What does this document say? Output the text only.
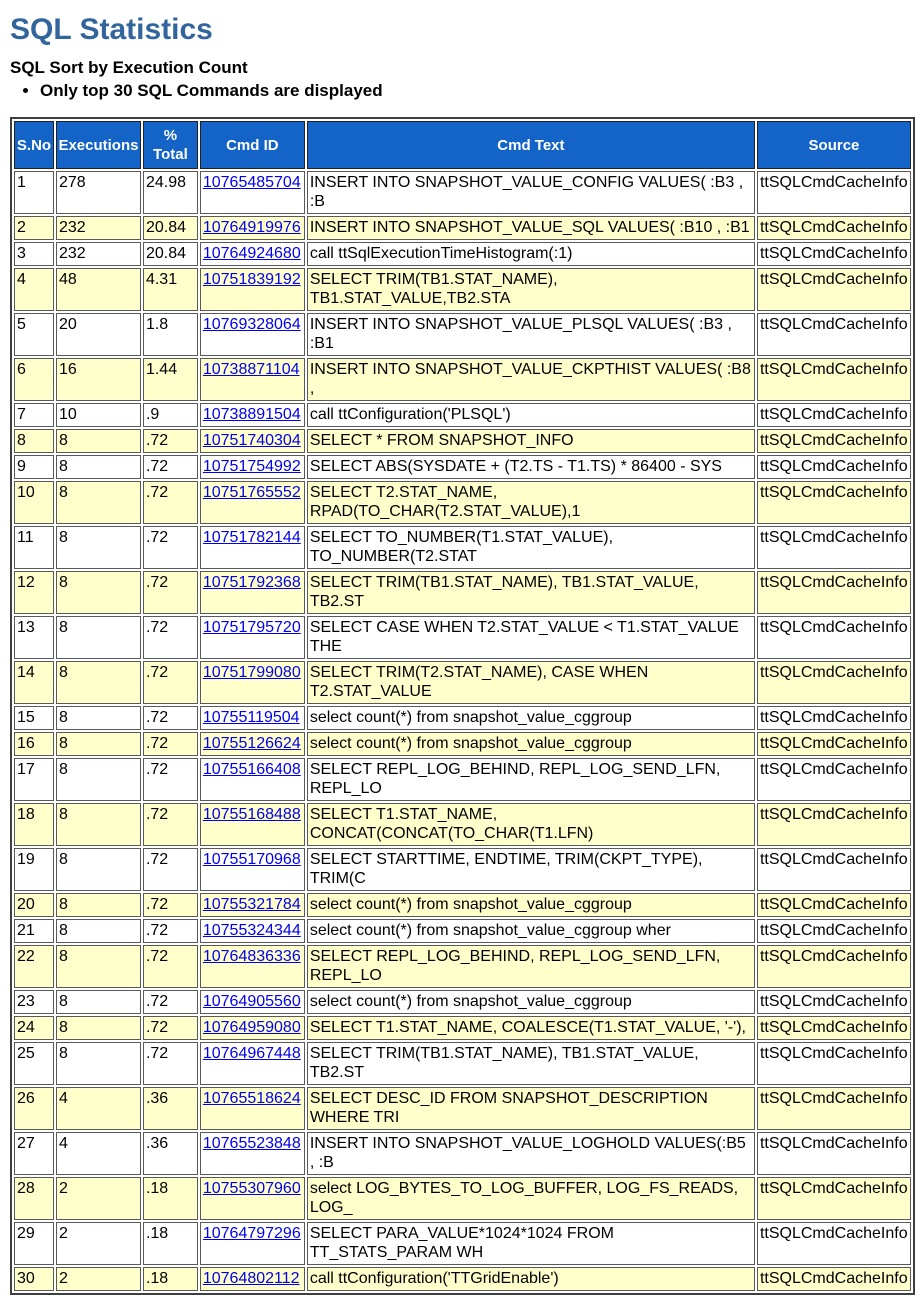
SQL Statistics
SQL Sort by Execution Count
• Only top 30 SQL Commands are displayed
S.No	Executions	% Total	Cmd ID	Cmd Text	Source
1	278	24.98	10765485704	INSERT INTO SNAPSHOT_VALUE_CONFIG VALUES( :B3 , :B	ttSQLCmdCacheInfo
2	232	20.84	10764919976	INSERT INTO SNAPSHOT_VALUE_SQL VALUES( :B10 , :B1	ttSQLCmdCacheInfo
3	232	20.84	10764924680	call ttSqlExecutionTimeHistogram(:1)	ttSQLCmdCacheInfo
4	48	4.31	10751839192	SELECT TRIM(TB1.STAT_NAME), TB1.STAT_VALUE,TB2.STA	ttSQLCmdCacheInfo
5	20	1.8	10769328064	INSERT INTO SNAPSHOT_VALUE_PLSQL VALUES( :B3 , :B1	ttSQLCmdCacheInfo
6	16	1.44	10738871104	INSERT INTO SNAPSHOT_VALUE_CKPTHIST VALUES( :B8 ,	ttSQLCmdCacheInfo
7	10	.9	10738891504	call ttConfiguration('PLSQL')	ttSQLCmdCacheInfo
8	8	.72	10751740304	SELECT * FROM SNAPSHOT_INFO	ttSQLCmdCacheInfo
9	8	.72	10751754992	SELECT ABS(SYSDATE + (T2.TS - T1.TS) * 86400 - SYS	ttSQLCmdCacheInfo
10	8	.72	10751765552	SELECT T2.STAT_NAME, RPAD(TO_CHAR(T2.STAT_VALUE),1	ttSQLCmdCacheInfo
11	8	.72	10751782144	SELECT TO_NUMBER(T1.STAT_VALUE), TO_NUMBER(T2.STAT	ttSQLCmdCacheInfo
12	8	.72	10751792368	SELECT TRIM(TB1.STAT_NAME), TB1.STAT_VALUE, TB2.ST	ttSQLCmdCacheInfo
13	8	.72	10751795720	SELECT CASE WHEN T2.STAT_VALUE < T1.STAT_VALUE THE	ttSQLCmdCacheInfo
14	8	.72	10751799080	SELECT TRIM(T2.STAT_NAME), CASE WHEN T2.STAT_VALUE	ttSQLCmdCacheInfo
15	8	.72	10755119504	select count(*) from snapshot_value_cggroup	ttSQLCmdCacheInfo
16	8	.72	10755126624	select count(*) from snapshot_value_cggroup	ttSQLCmdCacheInfo
17	8	.72	10755166408	SELECT REPL_LOG_BEHIND, REPL_LOG_SEND_LFN, REPL_LO	ttSQLCmdCacheInfo
18	8	.72	10755168488	SELECT T1.STAT_NAME, CONCAT(CONCAT(TO_CHAR(T1.LFN)	ttSQLCmdCacheInfo
19	8	.72	10755170968	SELECT STARTTIME, ENDTIME, TRIM(CKPT_TYPE), TRIM(C	ttSQLCmdCacheInfo
20	8	.72	10755321784	select count(*) from snapshot_value_cggroup	ttSQLCmdCacheInfo
21	8	.72	10755324344	select count(*) from snapshot_value_cggroup wher	ttSQLCmdCacheInfo
22	8	.72	10764836336	SELECT REPL_LOG_BEHIND, REPL_LOG_SEND_LFN, REPL_LO	ttSQLCmdCacheInfo
23	8	.72	10764905560	select count(*) from snapshot_value_cggroup	ttSQLCmdCacheInfo
24	8	.72	10764959080	SELECT T1.STAT_NAME, COALESCE(T1.STAT_VALUE, '-'),	ttSQLCmdCacheInfo
25	8	.72	10764967448	SELECT TRIM(TB1.STAT_NAME), TB1.STAT_VALUE, TB2.ST	ttSQLCmdCacheInfo
26	4	.36	10765518624	SELECT DESC_ID FROM SNAPSHOT_DESCRIPTION WHERE TRI	ttSQLCmdCacheInfo
27	4	.36	10765523848	INSERT INTO SNAPSHOT_VALUE_LOGHOLD VALUES(:B5 , :B	ttSQLCmdCacheInfo
28	2	.18	10755307960	select LOG_BYTES_TO_LOG_BUFFER, LOG_FS_READS, LOG_	ttSQLCmdCacheInfo
29	2	.18	10764797296	SELECT PARA_VALUE*1024*1024 FROM TT_STATS_PARAM WH	ttSQLCmdCacheInfo
30	2	.18	10764802112	call ttConfiguration('TTGridEnable')	ttSQLCmdCacheInfo
